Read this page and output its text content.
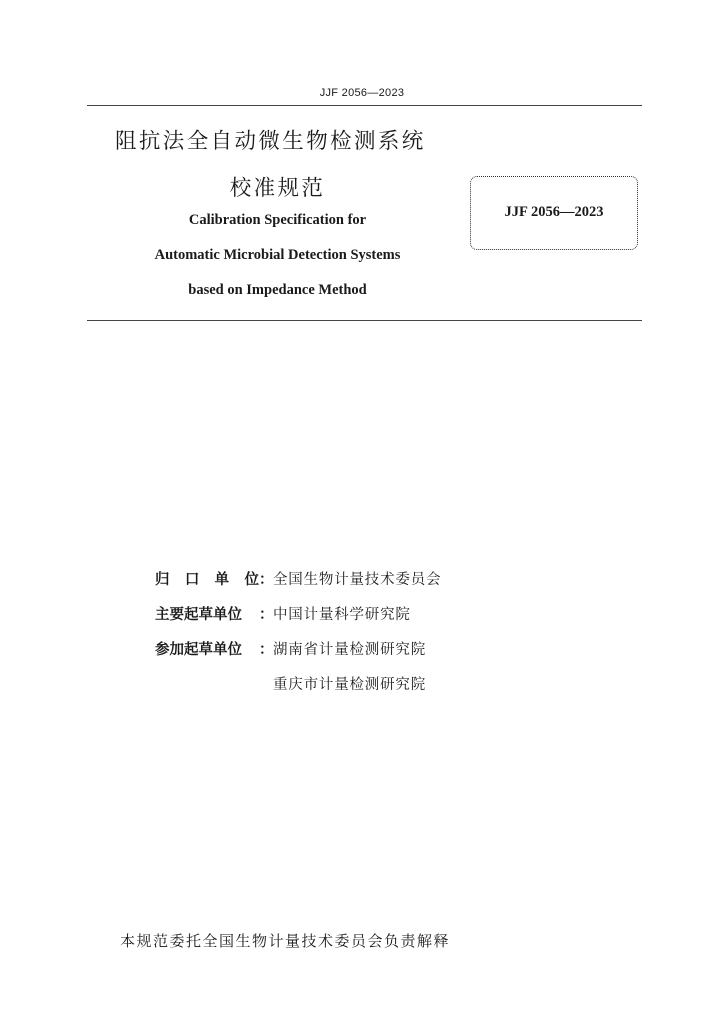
JJF 2056—2023
阻抗法全自动微生物检测系统
校准规范
Calibration Specification for
Automatic Microbial Detection Systems
based on Impedance Method
JJF 2056—2023
归 口 单 位 ： 全国生物计量技术委员会
主要起草单位	： 中国计量科学研究院
参加起草单位	： 湖南省计量检测研究院
重庆市计量检测研究院
本规范委托全国生物计量技术委员会负责解释
